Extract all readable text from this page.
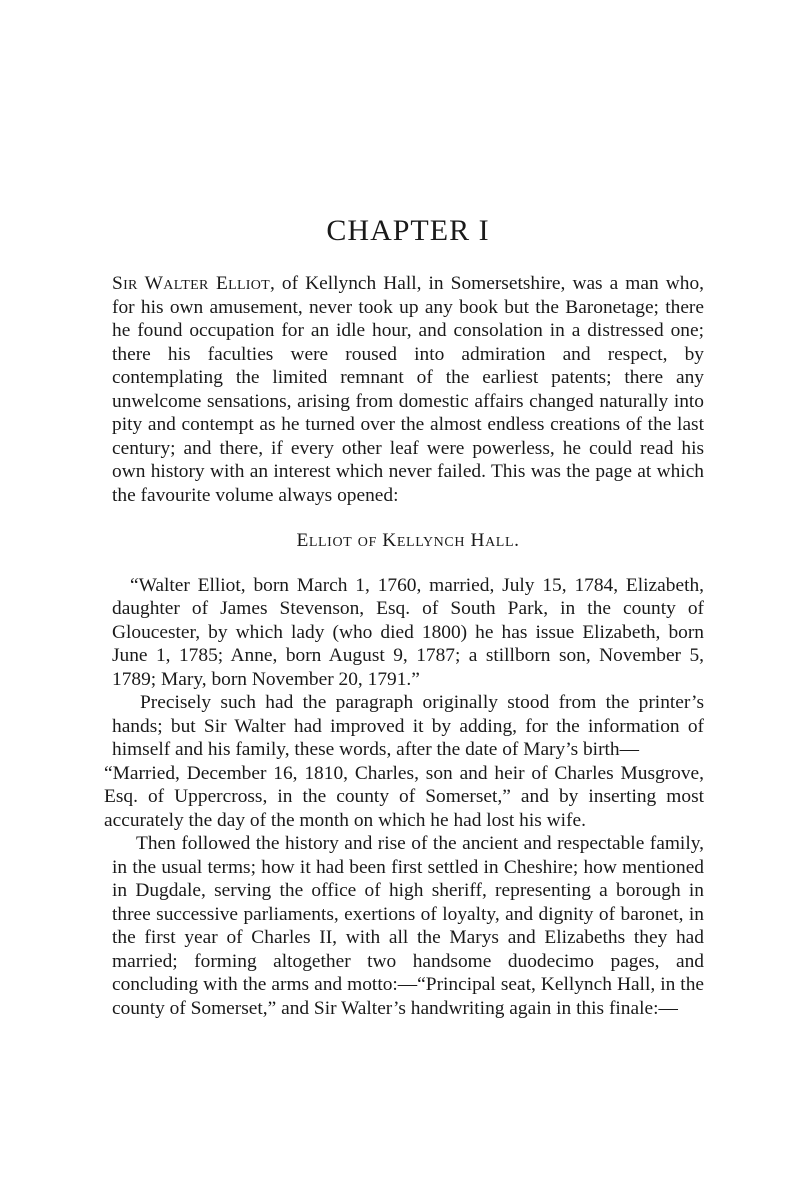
CHAPTER I

Sir Walter Elliot, of Kellynch Hall, in Somersetshire, was a man who, for his own amusement, never took up any book but the Baronetage; there he found occupation for an idle hour, and consolation in a distressed one; there his faculties were roused into admiration and respect, by contemplating the limited remnant of the earliest patents; there any unwelcome sensations, arising from domestic affairs changed naturally into pity and contempt as he turned over the almost endless creations of the last century; and there, if every other leaf were powerless, he could read his own history with an interest which never failed. This was the page at which the favourite volume always opened:

Elliot of Kellynch Hall.

“Walter Elliot, born March 1, 1760, married, July 15, 1784, Elizabeth, daughter of James Stevenson, Esq. of South Park, in the county of Gloucester, by which lady (who died 1800) he has issue Elizabeth, born June 1, 1785; Anne, born August 9, 1787; a stillborn son, November 5, 1789; Mary, born November 20, 1791.”

Precisely such had the paragraph originally stood from the printer’s hands; but Sir Walter had improved it by adding, for the information of himself and his family, these words, after the date of Mary’s birth—

“Married, December 16, 1810, Charles, son and heir of Charles Musgrove, Esq. of Uppercross, in the county of Somerset,” and by inserting most accurately the day of the month on which he had lost his wife.

Then followed the history and rise of the ancient and respectable family, in the usual terms; how it had been first settled in Cheshire; how mentioned in Dugdale, serving the office of high sheriff, representing a borough in three successive parliaments, exertions of loyalty, and dignity of baronet, in the first year of Charles II, with all the Marys and Elizabeths they had married; forming altogether two handsome duodecimo pages, and concluding with the arms and motto:—“Principal seat, Kellynch Hall, in the county of Somerset,” and Sir Walter’s handwriting again in this finale:—
